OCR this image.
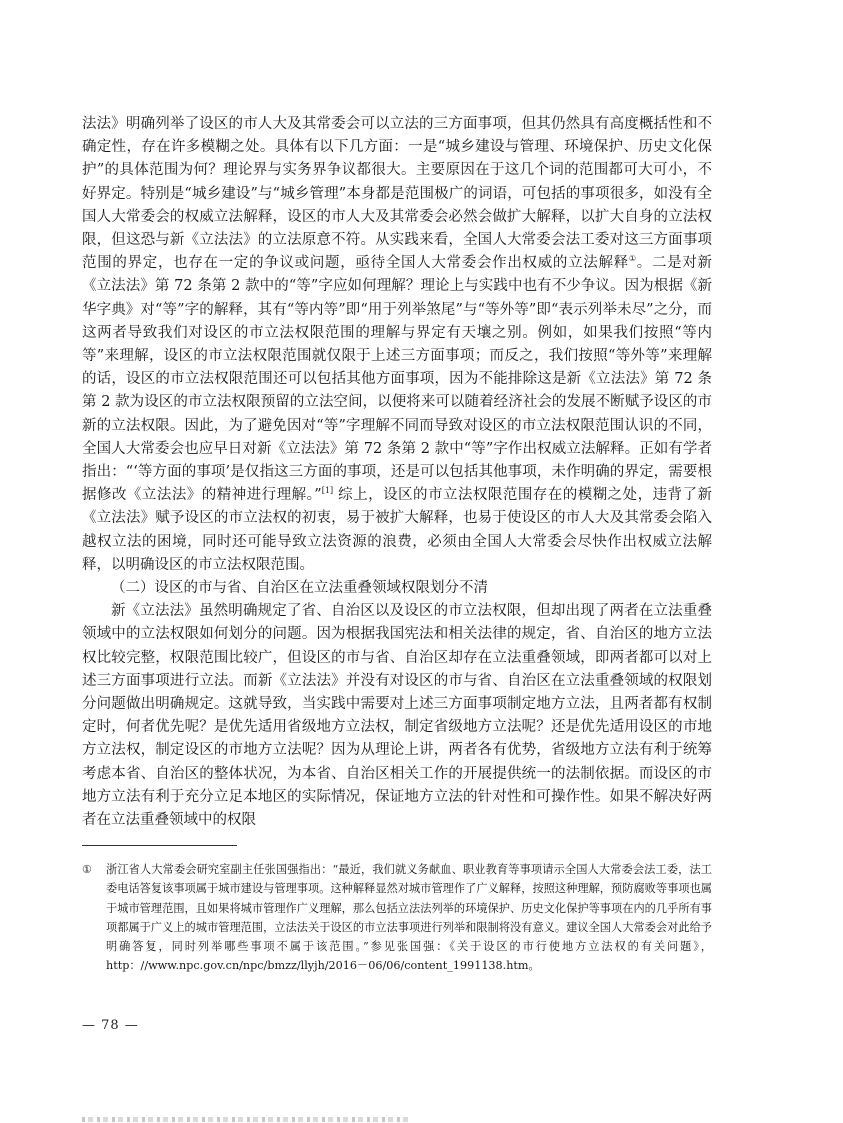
法法》明确列举了设区的市人大及其常委会可以立法的三方面事项，但其仍然具有高度概括性和不确定性，存在许多模糊之处。具体有以下几方面：一是“城乡建设与管理、环境保护、历史文化保护”的具体范围为何？理论界与实务界争议都很大。主要原因在于这几个词的范围都可大可小，不好界定。特别是“城乡建设”与“城乡管理”本身都是范围极广的词语，可包括的事项很多，如没有全国人大常委会的权威立法解释，设区的市人大及其常委会必然会做扩大解释，以扩大自身的立法权限，但这恐与新《立法法》的立法原意不符。从实践来看，全国人大常委会法工委对这三方面事项范围的界定，也存在一定的争议或问题，亟待全国人大常委会作出权威的立法解释①。二是对新《立法法》第 72 条第 2 款中的“等”字应如何理解？理论上与实践中也有不少争议。因为根据《新华字典》对“等”字的解释，其有“等内等”即“用于列举煞尾”与“等外等”即“表示列举未尽”之分，而这两者导致我们对设区的市立法权限范围的理解与界定有天壤之别。例如，如果我们按照“等内等”来理解，设区的市立法权限范围就仅限于上述三方面事项；而反之，我们按照“等外等”来理解的话，设区的市立法权限范围还可以包括其他方面事项，因为不能排除这是新《立法法》第 72 条第 2 款为设区的市立法权限预留的立法空间，以便将来可以随着经济社会的发展不断赋予设区的市新的立法权限。因此，为了避免因对“等”字理解不同而导致对设区的市立法权限范围认识的不同，全国人大常委会也应早日对新《立法法》第 72 条第 2 款中“等”字作出权威立法解释。正如有学者指出：“‘等方面的事项’是仅指这三方面的事项，还是可以包括其他事项，未作明确的界定，需要根据修改《立法法》的精神进行理解。”[1] 综上，设区的市立法权限范围存在的模糊之处，违背了新《立法法》赋予设区的市立法权的初衷，易于被扩大解释，也易于使设区的市人大及其常委会陷入越权立法的困境，同时还可能导致立法资源的浪费，必须由全国人大常委会尽快作出权威立法解释，以明确设区的市立法权限范围。

（二）设区的市与省、自治区在立法重叠领域权限划分不清

新《立法法》虽然明确规定了省、自治区以及设区的市立法权限，但却出现了两者在立法重叠领域中的立法权限如何划分的问题。因为根据我国宪法和相关法律的规定，省、自治区的地方立法权比较完整，权限范围比较广，但设区的市与省、自治区却存在立法重叠领域，即两者都可以对上述三方面事项进行立法。而新《立法法》并没有对设区的市与省、自治区在立法重叠领域的权限划分问题做出明确规定。这就导致，当实践中需要对上述三方面事项制定地方立法，且两者都有权制定时，何者优先呢？是优先适用省级地方立法权，制定省级地方立法呢？还是优先适用设区的市地方立法权，制定设区的市地方立法呢？因为从理论上讲，两者各有优势，省级地方立法有利于统筹考虑本省、自治区的整体状况，为本省、自治区相关工作的开展提供统一的法制依据。而设区的市地方立法有利于充分立足本地区的实际情况，保证地方立法的针对性和可操作性。如果不解决好两者在立法重叠领域中的权限

① 浙江省人大常委会研究室副主任张国强指出：“最近，我们就义务献血、职业教育等事项请示全国人大常委会法工委，法工委电话答复该事项属于城市建设与管理事项。这种解释显然对城市管理作了广义解释，按照这种理解，预防腐败等事项也属于城市管理范围，且如果将城市管理作广义理解，那么包括立法法列举的环境保护、历史文化保护等事项在内的几乎所有事项都属于广义上的城市管理范围，立法法关于设区的市立法事项进行列举和限制将没有意义。建议全国人大常委会对此给予明确答复，同时列举哪些事项不属于该范围。”参见张国强：《关于设区的市行使地方立法权的有关问题》，http：//www.npc.gov.cn/npc/bmzz/llyjh/2016－06/06/content_1991138.htm。
— 78 —
